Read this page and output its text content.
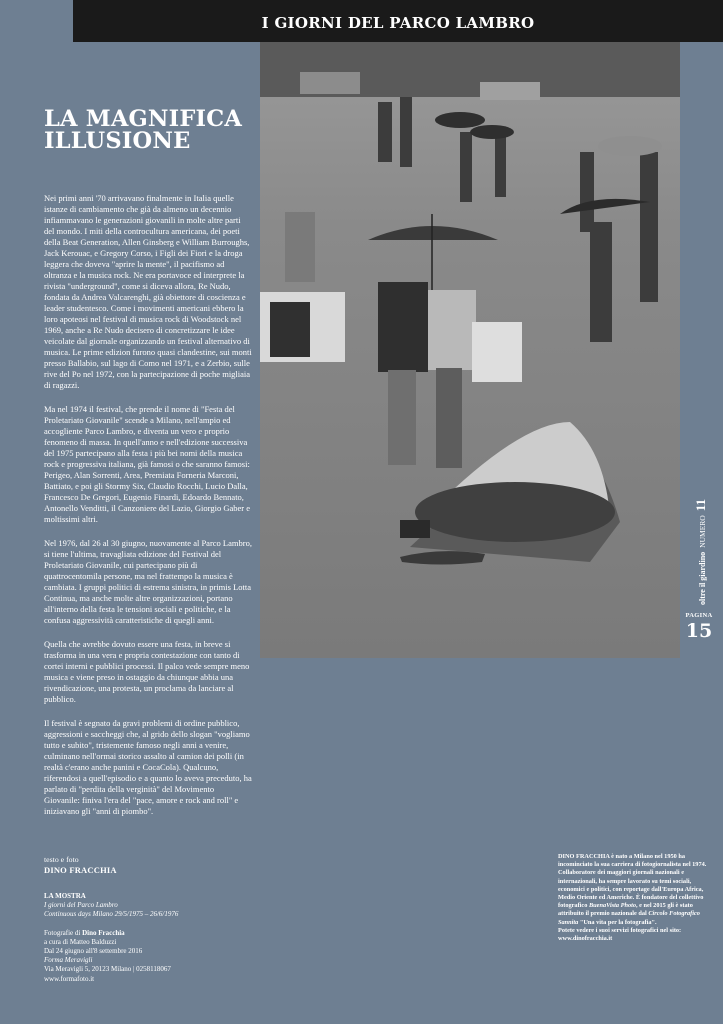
I GIORNI DEL PARCO LAMBRO
LA MAGNIFICA
ILLUSIONE

Nei primi anni '70 arrivavano finalmente in Italia quelle istanze di cambiamento che già da almeno un decennio infiammavano le generazioni giovanili in molte altre parti del mondo. I miti della controcultura americana, dei poeti della Beat Generation, Allen Ginsberg e William Burroughs, Jack Kerouac, e Gregory Corso, i Figli dei Fiori e la droga leggera che doveva "aprire la mente", il pacifismo ad oltranza e la musica rock. Ne era portavoce ed interprete la rivista "underground", come si diceva allora, Re Nudo, fondata da Andrea Valcarenghi, già obiettore di coscienza e leader studentesco. Come i movimenti americani ebbero la loro apoteosi nel festival di musica rock di Woodstock nel 1969, anche a Re Nudo decisero di concretizzare le idee veicolate dal giornale organizzando un festival alternativo di musica. Le prime edizion furono quasi clandestine, sui monti presso Ballabio, sul lago di Como nel 1971, e a Zerbio, sulle rive del Po nel 1972, con la partecipazione di poche migliaia di ragazzi.

Ma nel 1974 il festival, che prende il nome di "Festa del Proletariato Giovanile" scende a Milano, nell'ampio ed accogliente Parco Lambro, e diventa un vero e proprio fenomeno di massa. In quell'anno e nell'edizione successiva del 1975 partecipano alla festa i più bei nomi della musica rock e progressiva italiana, già famosi o che saranno famosi: Perigeo, Alan Sorrenti, Area, Premiata Forneria Marconi, Battiato, e poi gli Stormy Six, Claudio Rocchi, Lucio Dalla, Francesco De Gregori, Eugenio Finardi, Edoardo Bennato, Antonello Venditti, il Canzoniere del Lazio, Giorgio Gaber e moltissimi altri.

Nel 1976, dal 26 al 30 giugno, nuovamente al Parco Lambro, si tiene l'ultima, travagliata edizione del Festival del Proletariato Giovanile, cui partecipano più di quattrocentomila persone, ma nel frattempo la musica è cambiata. I gruppi politici di estrema sinistra, in primis Lotta Continua, ma anche molte altre organizzazioni, portano all'interno della festa le tensioni sociali e politiche, e la confusa aggressività caratteristiche di quegli anni.

Quella che avrebbe dovuto essere una festa, in breve si trasforma in una vera e propria contestazione con tanto di cortei interni e pubblici processi. Il palco vede sempre meno musica e viene preso in ostaggio da chiunque abbia una rivendicazione, una protesta, un proclama da lanciare al pubblico.

Il festival è segnato da gravi problemi di ordine pubblico, aggressioni e saccheggi che, al grido dello slogan "vogliamo tutto e subito", tristemente famoso negli anni a venire, culminano nell'ormai storico assalto al camion dei polli (in realtà c'erano anche panini e CocaCola). Qualcuno, riferendosi a quell'episodio e a quanto lo aveva preceduto, ha parlato di "perdita della verginità" del Movimento Giovanile: finiva l'era del "pace, amore e rock and roll" e iniziavano gli "anni di piombo".

testo e foto
DINO FRACCHIA
LA MOSTRA
I giorni del Parco Lambro
Continuous days Milano 29/5/1975 – 26/6/1976
Fotografie di Dino Fracchia
a cura di Matteo Balduzzi
Dal 24 giugno all'8 settembre 2016
Forma Meravigli
Via Meravigli 5, 20123 Milano | 0258118067
www.formafoto.it
DINO FRACCHIA è nato a Milano nel 1950 ha incominciato la sua carriera di fotogiornalista nel 1974. Collaboratore dei maggiori giornali nazionali e internazionali, ha sempre lavorato su temi sociali, economici e politici, con reportage dall'Europa Africa, Medio Oriente ed Americhe. È fondatore del collettivo fotografico BuenaVista Photo, e nel 2015 gli è stato attribuito il premio nazionale dal Circolo Fotografico Sannita "Una vita per la fotografia".
Potete vedere i suoi servizi fotografici nel sito:
www.dinofracchia.it
oltre il giardino NUMERO 11
PAGINA
15
